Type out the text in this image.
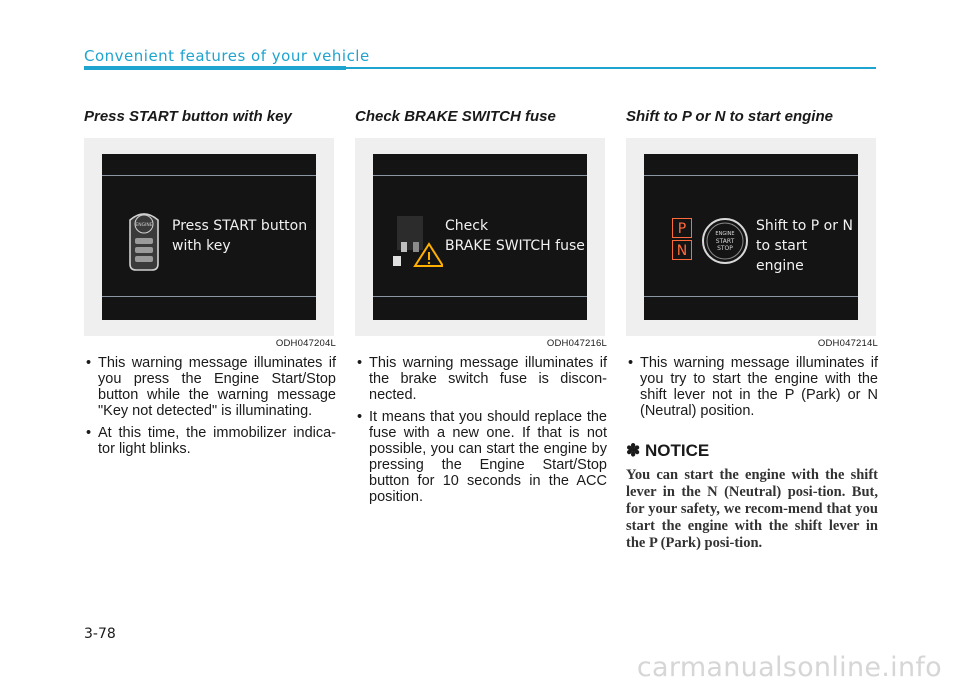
Convenient features of your vehicle
Press START button with key
ENGINE Press START button
with key
ODH047204L
• This warning message illuminates if you press the Engine Start/Stop button while the warning message "Key not detected" is illuminating.
• At this time, the immobilizer indica-tor light blinks.
Check BRAKE SWITCH fuse
Check
BRAKE SWITCH fuse
ODH047216L
• This warning message illuminates if the brake switch fuse is discon-nected.
• It means that you should replace the fuse with a new one. If that is not possible, you can start the engine by pressing the Engine Start/Stop button for 10 seconds in the ACC position.
Shift to P or N to start engine
P
N
ENGINE
START
STOP
Shift to P or N
to start engine
ODH047214L
• This warning message illuminates if you try to start the engine with the shift lever not in the P (Park) or N (Neutral) position.
✽ NOTICE

You can start the engine with the shift lever in the N (Neutral) posi-tion. But, for your safety, we recom-mend that you start the engine with the shift lever in the P (Park) posi-tion.

3-78
carmanualsonline.info
